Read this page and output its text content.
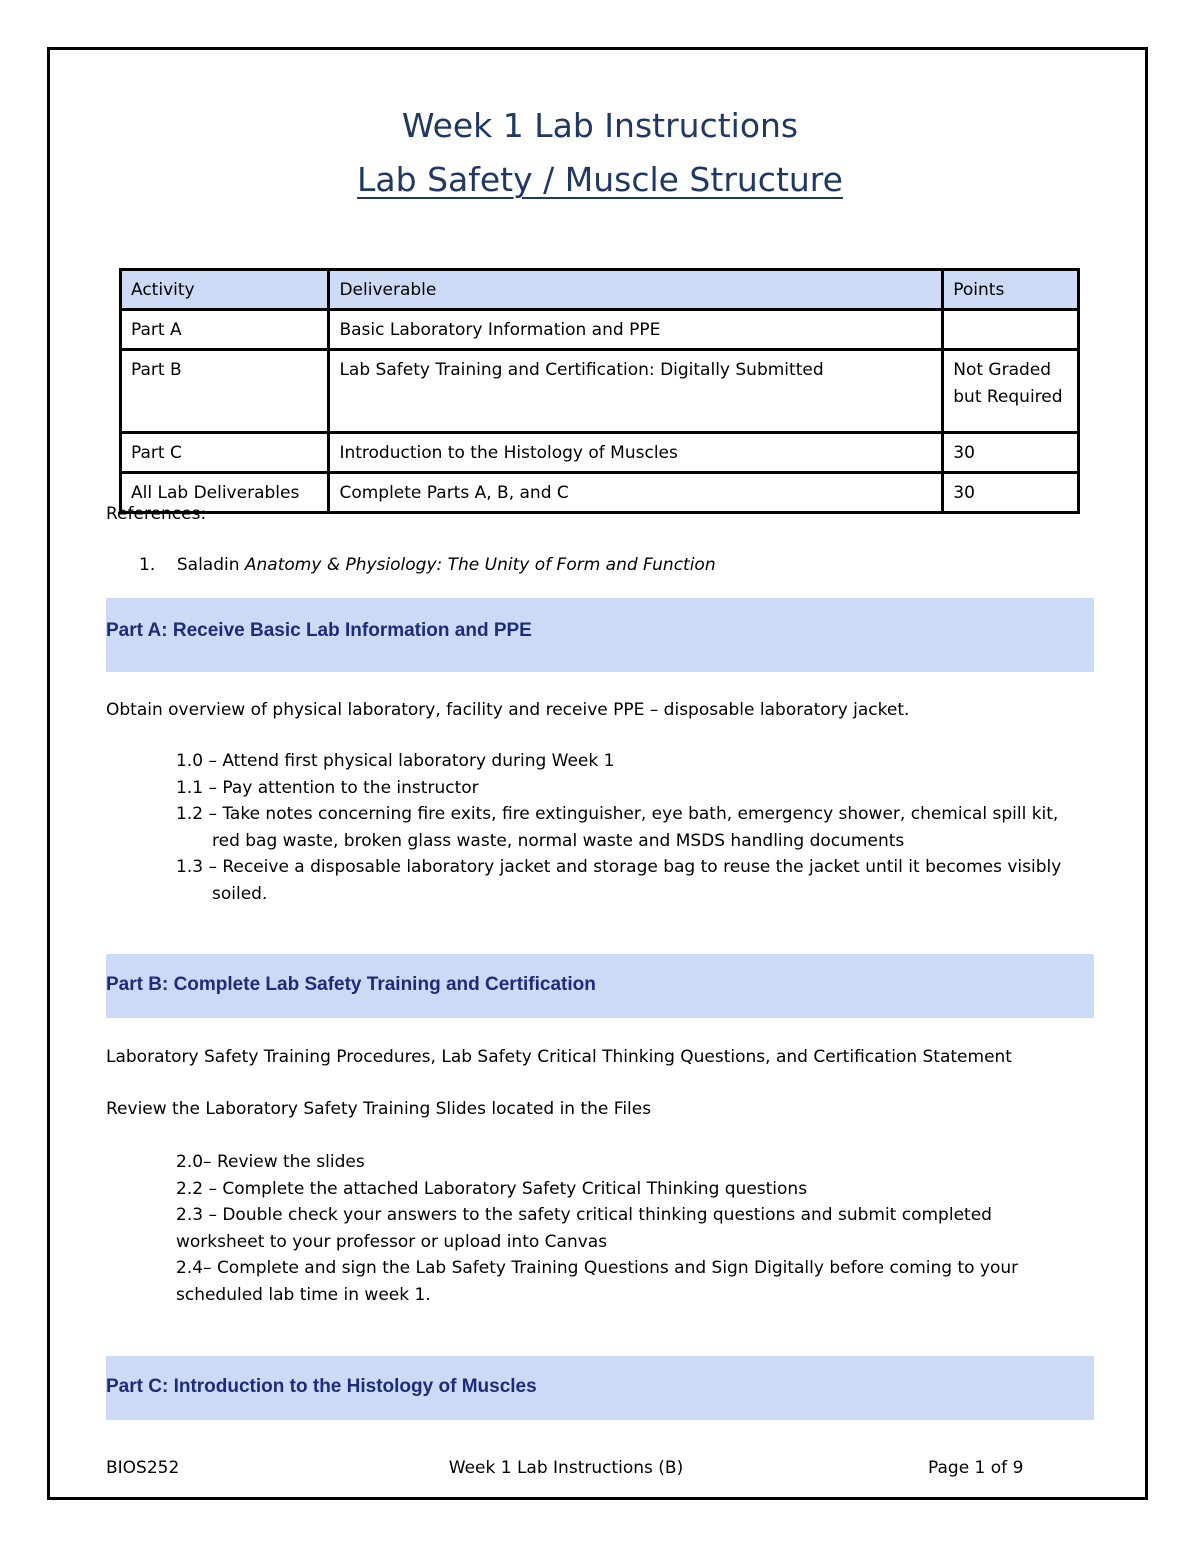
Week 1 Lab Instructions
Lab Safety / Muscle Structure
Activity	Deliverable	Points
Part A	Basic Laboratory Information and PPE	
Part B	Lab Safety Training and Certification: Digitally Submitted	Not Graded but Required
Part C	Introduction to the Histology of Muscles	30
All Lab Deliverables	Complete Parts A, B, and C	30
References:
1. Saladin Anatomy & Physiology: The Unity of Form and Function
Part A: Receive Basic Lab Information and PPE
Obtain overview of physical laboratory, facility and receive PPE – disposable laboratory jacket.
1.0 – Attend first physical laboratory during Week 1
1.1 – Pay attention to the instructor
1.2 – Take notes concerning fire exits, fire extinguisher, eye bath, emergency shower, chemical spill kit, red bag waste, broken glass waste, normal waste and MSDS handling documents
1.3 – Receive a disposable laboratory jacket and storage bag to reuse the jacket until it becomes visibly soiled.
Part B: Complete Lab Safety Training and Certification
Laboratory Safety Training Procedures, Lab Safety Critical Thinking Questions, and Certification Statement
Review the Laboratory Safety Training Slides located in the Files
2.0– Review the slides
2.2 – Complete the attached Laboratory Safety Critical Thinking questions
2.3 – Double check your answers to the safety critical thinking questions and submit completed worksheet to your professor or upload into Canvas
2.4– Complete and sign the Lab Safety Training Questions and Sign Digitally before coming to your scheduled lab time in week 1.
Part C: Introduction to the Histology of Muscles
BIOS252	Week 1 Lab Instructions (B)	Page 1 of 9
